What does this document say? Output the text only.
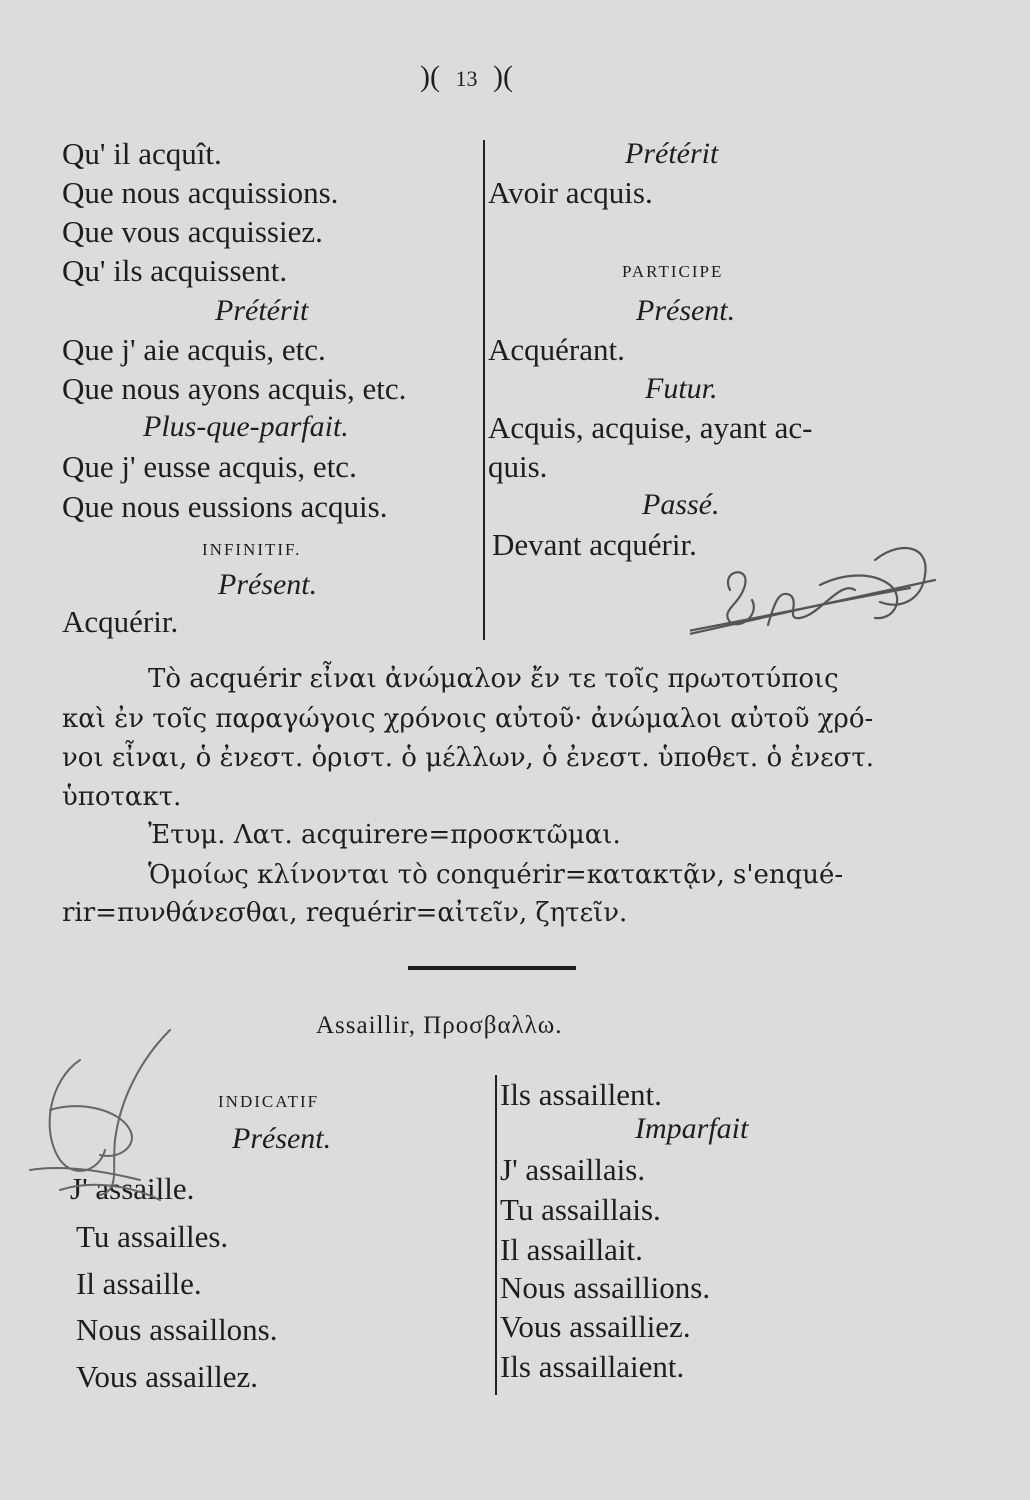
)( 13 )(
Qu' il acquît.
Que nous acquissions.
Que vous acquissiez.
Qu' ils acquissent.
Prétérit
Que j' aie acquis, etc.
Que nous ayons acquis, etc.
Plus-que-parfait.
Que j' eusse acquis, etc.
Que nous eussions acquis.
INFINITIF.
Présent.
Acquérir.
Prétérit
Avoir acquis.
PARTICIPE
Présent.
Acquérant.
Futur.
Acquis, acquise, ayant ac-
quis.
Passé.
Devant acquérir.
Τὸ acquérir εἶναι ἀνώμαλον ἔν τε τοῖς πρωτοτύποις
καὶ ἐν τοῖς παραγώγοις χρόνοις αὐτοῦ· ἀνώμαλοι αὐτοῦ χρό-
νοι εἶναι, ὁ ἐνεστ. ὁριστ. ὁ μέλλων, ὁ ἐνεστ. ὑποθετ. ὁ ἐνεστ.
ὑποτακτ.
Ἐτυμ. Λατ. acquirere=προσκτῶμαι.
Ὁμοίως κλίνονται τὸ conquérir=κατακτᾷν, s'enqué-
rir=πυνθάνεσθαι, requérir=αἰτεῖν, ζητεῖν.
Assaillir, Προσβαλλω.
INDICATIF
Présent.
J' assaille.
Tu assailles.
Il assaille.
Nous assaillons.
Vous assaillez.
Ils assaillent.
Imparfait
J' assaillais.
Tu assaillais.
Il assaillait.
Nous assaillions.
Vous assailliez.
Ils assaillaient.
